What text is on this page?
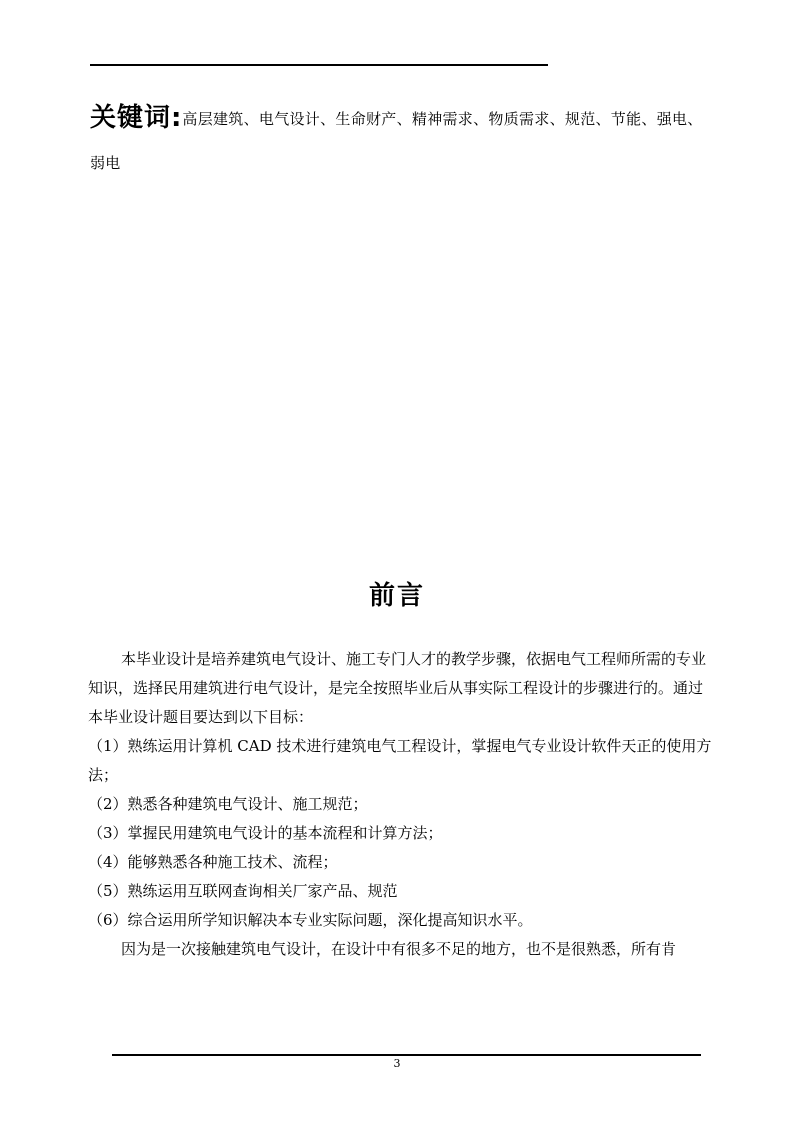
关键词:高层建筑、电气设计、生命财产、精神需求、物质需求、规范、节能、强电、弱电
前言

本毕业设计是培养建筑电气设计、施工专门人才的教学步骤，依据电气工程师所需的专业知识，选择民用建筑进行电气设计，是完全按照毕业后从事实际工程设计的步骤进行的。通过本毕业设计题目要达到以下目标：

（1）熟练运用计算机 CAD 技术进行建筑电气工程设计，掌握电气专业设计软件天正的使用方法；

（2）熟悉各种建筑电气设计、施工规范；

（3）掌握民用建筑电气设计的基本流程和计算方法；

（4）能够熟悉各种施工技术、流程；

（5）熟练运用互联网查询相关厂家产品、规范

（6）综合运用所学知识解决本专业实际问题，深化提高知识水平。

因为是一次接触建筑电气设计，在设计中有很多不足的地方，也不是很熟悉，所有肯

3
